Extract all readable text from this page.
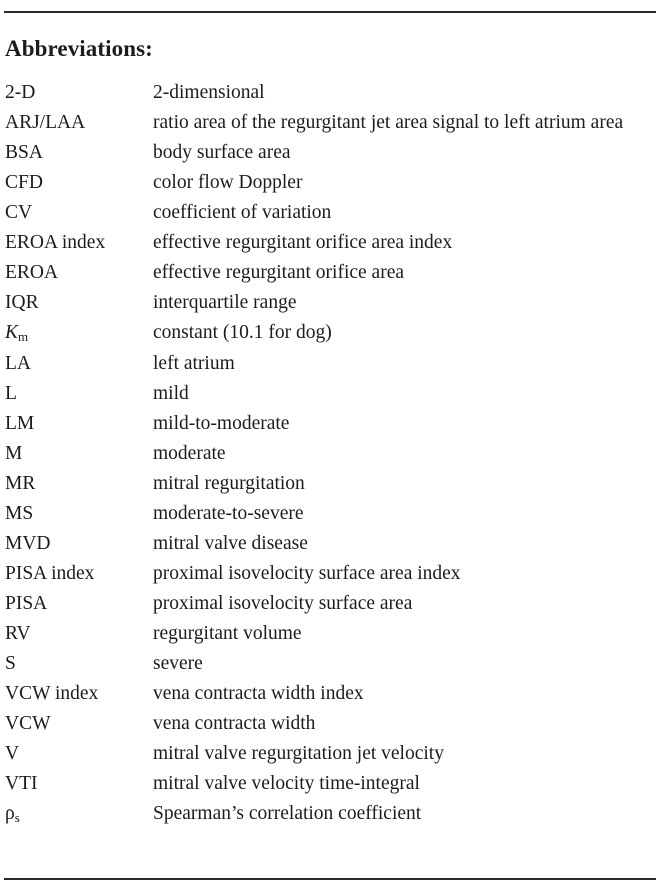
Abbreviations:
2-D	2-dimensional
ARJ/LAA	ratio area of the regurgitant jet area signal to left atrium area
BSA	body surface area
CFD	color flow Doppler
CV	coefficient of variation
EROA index	effective regurgitant orifice area index
EROA	effective regurgitant orifice area
IQR	interquartile range
Km	constant (10.1 for dog)
LA	left atrium
L	mild
LM	mild-to-moderate
M	moderate
MR	mitral regurgitation
MS	moderate-to-severe
MVD	mitral valve disease
PISA index	proximal isovelocity surface area index
PISA	proximal isovelocity surface area
RV	regurgitant volume
S	severe
VCW index	vena contracta width index
VCW	vena contracta width
V	mitral valve regurgitation jet velocity
VTI	mitral valve velocity time-integral
ρs	Spearman’s correlation coefficient
